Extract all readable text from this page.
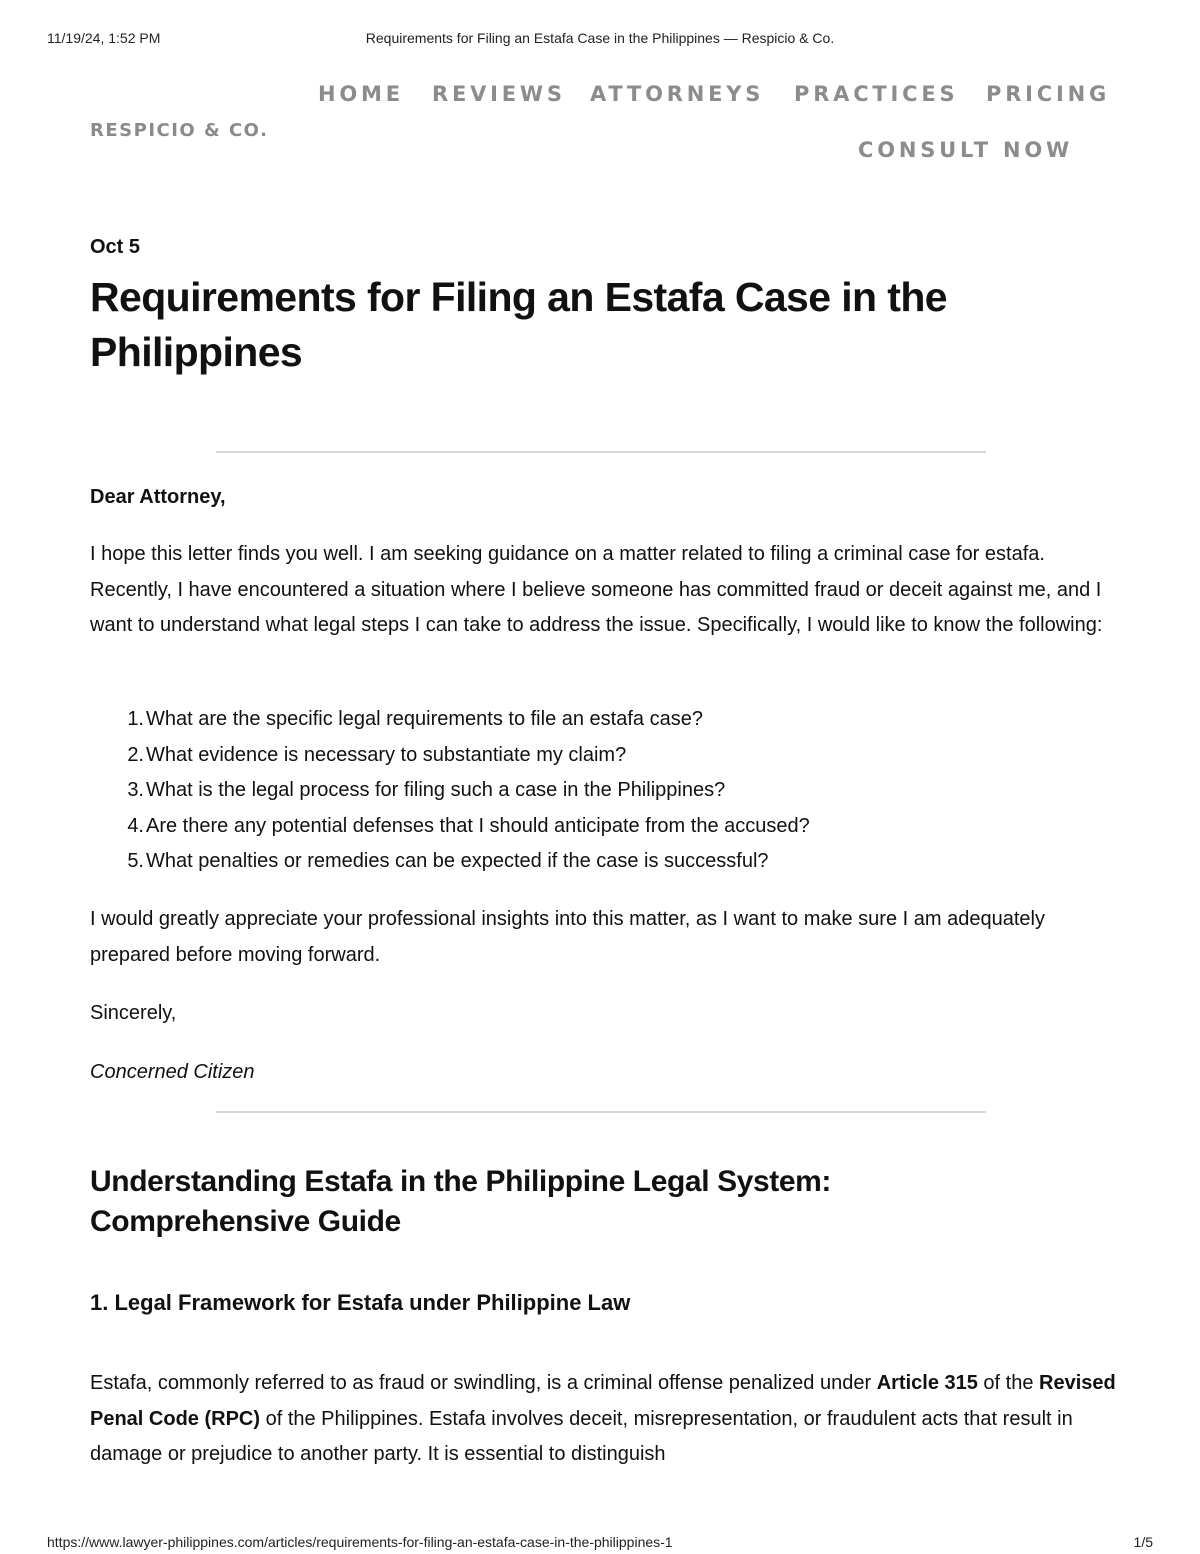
11/19/24, 1:52 PM	Requirements for Filing an Estafa Case in the Philippines — Respicio & Co.
RESPICIO & CO.
HOME REVIEWS ATTORNEYS PRACTICES PRICING
CONSULT NOW
Oct 5
Requirements for Filing an Estafa Case in the Philippines

Dear Attorney,

I hope this letter finds you well. I am seeking guidance on a matter related to filing a criminal case for estafa. Recently, I have encountered a situation where I believe someone has committed fraud or deceit against me, and I want to understand what legal steps I can take to address the issue. Specifically, I would like to know the following:

1. What are the specific legal requirements to file an estafa case?
2. What evidence is necessary to substantiate my claim?
3. What is the legal process for filing such a case in the Philippines?
4. Are there any potential defenses that I should anticipate from the accused?
5. What penalties or remedies can be expected if the case is successful?

I would greatly appreciate your professional insights into this matter, as I want to make sure I am adequately prepared before moving forward.

Sincerely,

Concerned Citizen

Understanding Estafa in the Philippine Legal System: Comprehensive Guide
1. Legal Framework for Estafa under Philippine Law

Estafa, commonly referred to as fraud or swindling, is a criminal offense penalized under Article 315 of the Revised Penal Code (RPC) of the Philippines. Estafa involves deceit, misrepresentation, or fraudulent acts that result in damage or prejudice to another party. It is essential to distinguish

https://www.lawyer-philippines.com/articles/requirements-for-filing-an-estafa-case-in-the-philippines-1	1/5
